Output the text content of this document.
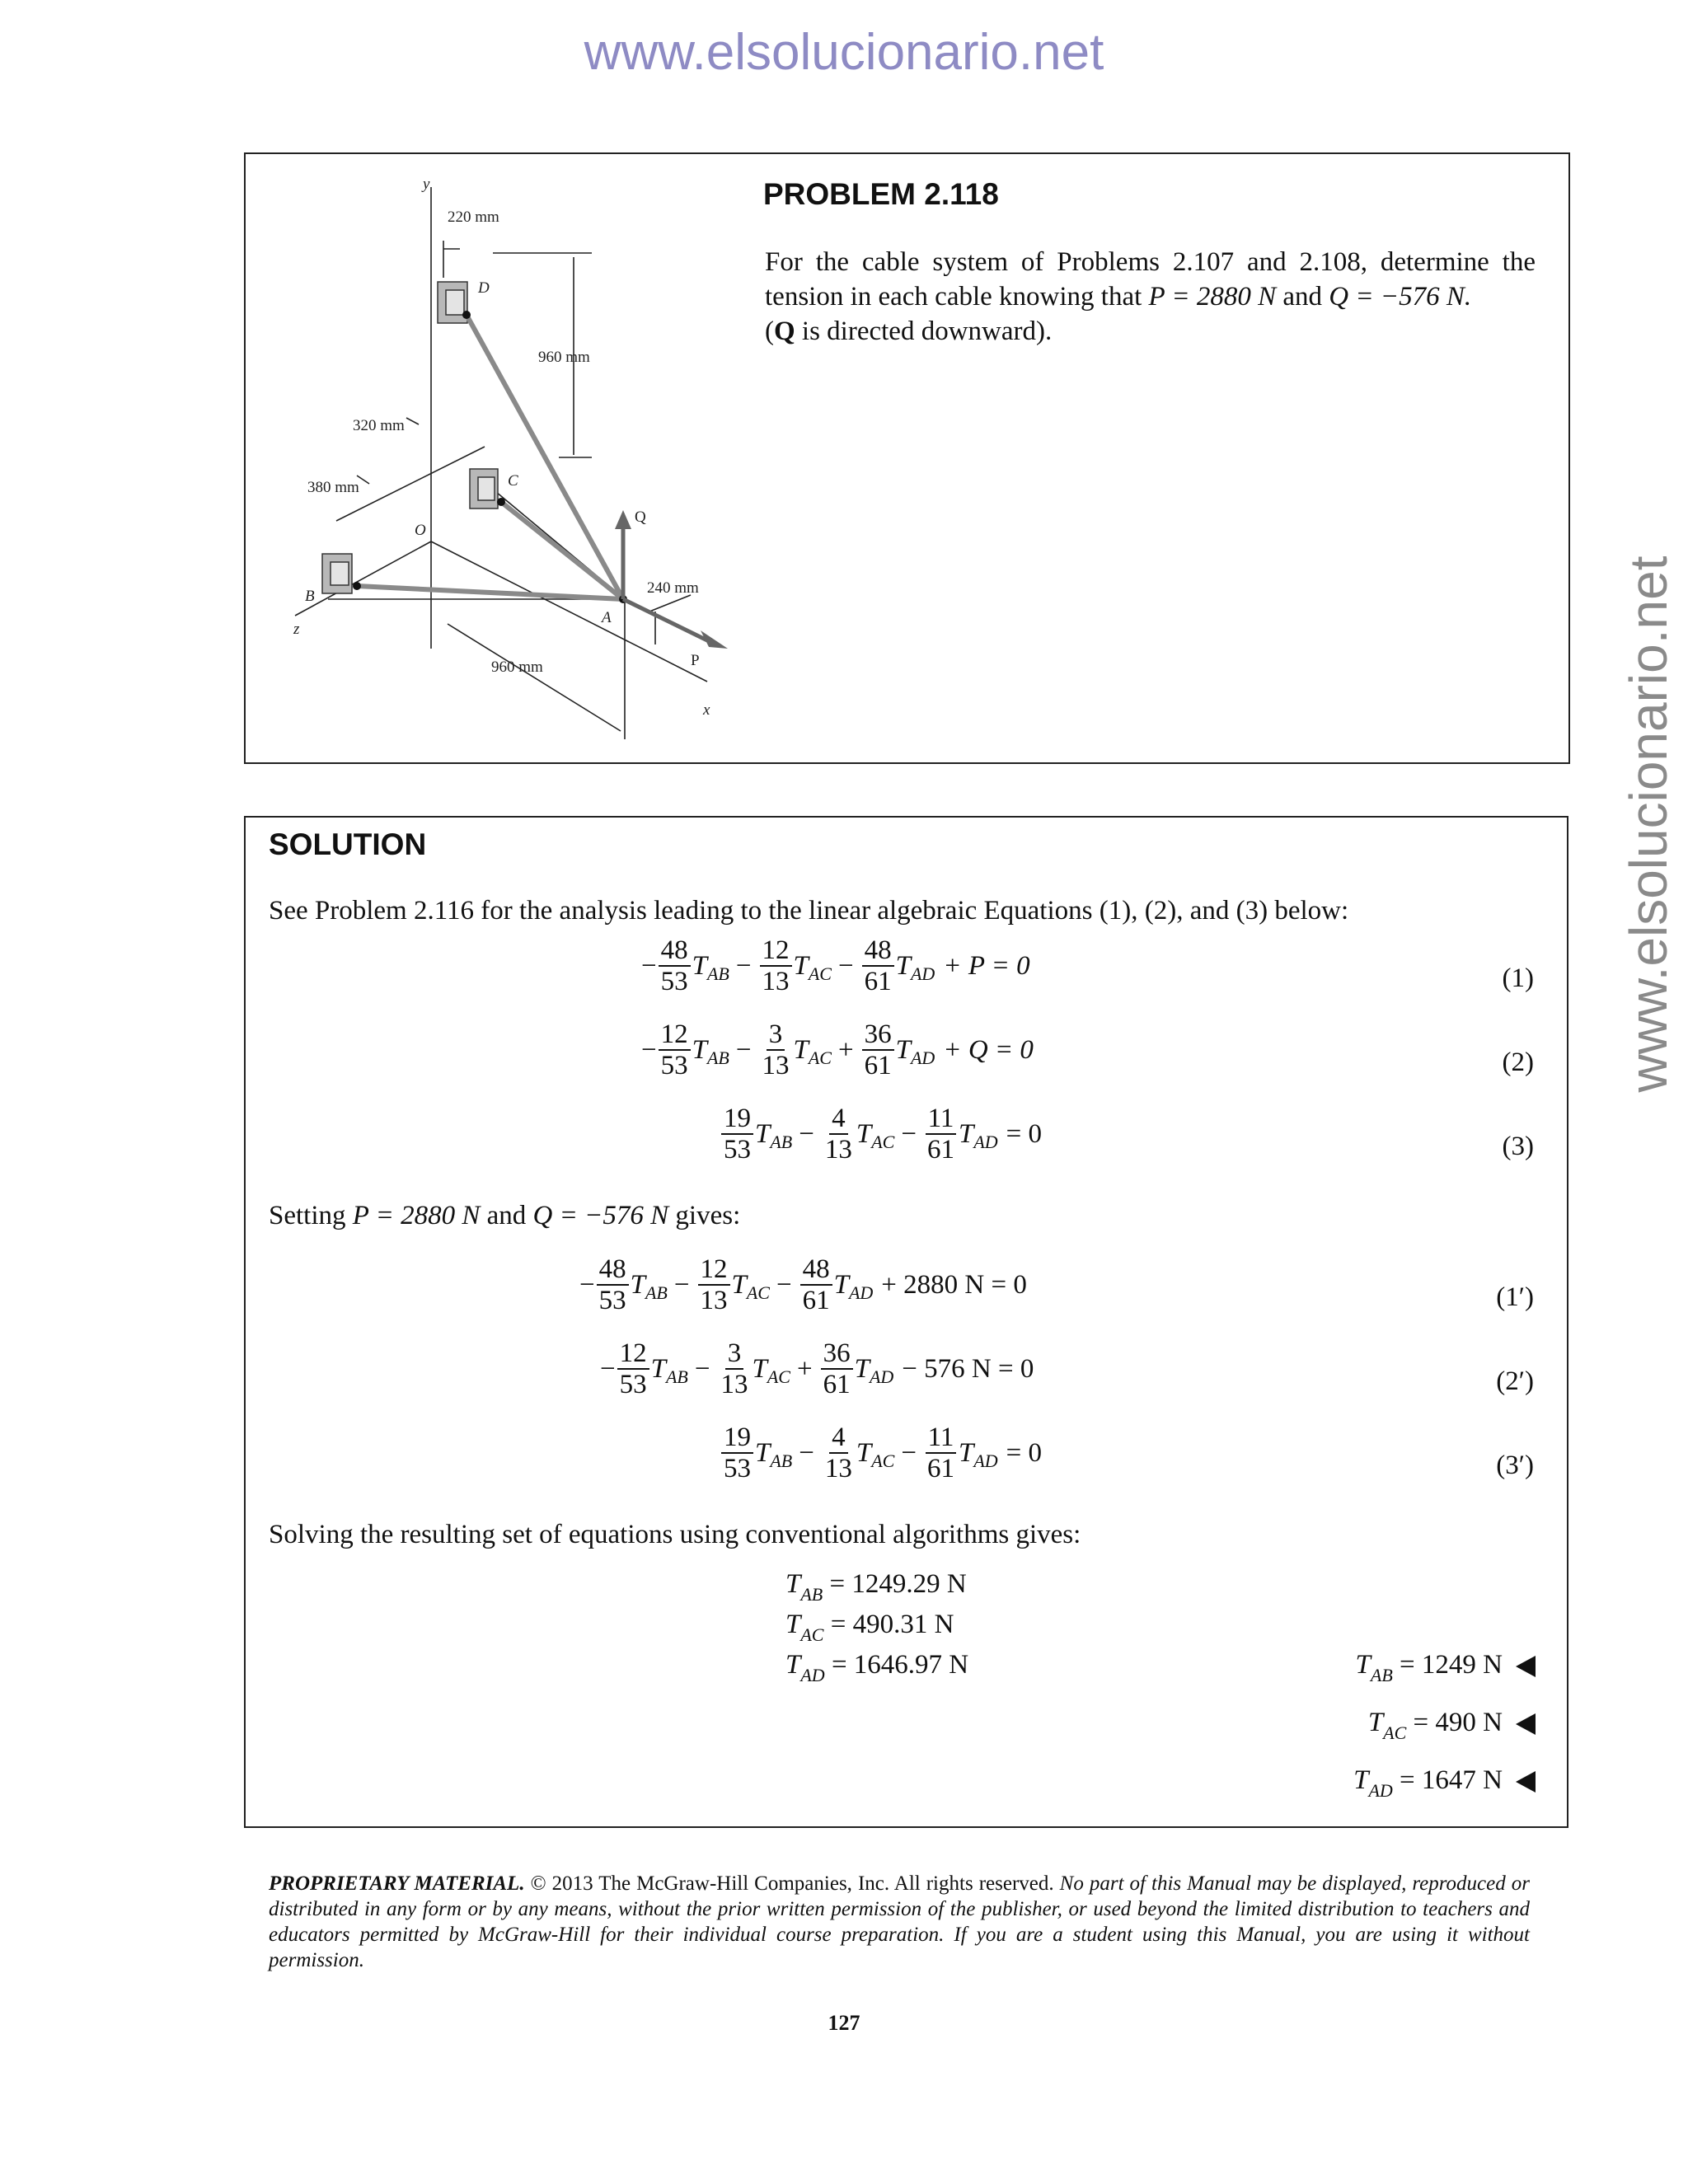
www.elsolucionario.net
www.elsolucionario.net
y
D
C
O
B
z
A
x
Q
P
220 mm
960 mm
320 mm
380 mm
240 mm
960 mm
PROBLEM 2.118
For the cable system of Problems 2.107 and 2.108, determine the tension in each cable knowing that P = 2880 N and Q = −576 N.
(Q is directed downward).
SOLUTION
See Problem 2.116 for the analysis leading to the linear algebraic Equations (1), (2), and (3) below:
− $\frac{48}{53}$ T AB − $\frac{12}{13}$ T AC − $\frac{48}{61}$ T AD + P = 0	(1)
− $\frac{12}{53}$ T AB − $\frac{3}{13}$ T AC + $\frac{36}{61}$ T AD + Q = 0	(2)
$\frac{19}{53}$ T AB − $\frac{4}{13}$ T AC − $\frac{11}{61}$ T AD = 0	(3)
Setting P = 2880 N and Q = −576 N gives:
− $\frac{48}{53}$ T AB − $\frac{12}{13}$ T AC − $\frac{48}{61}$ T AD + 2880 N = 0	(1′)
− $\frac{12}{53}$ T AB − $\frac{3}{13}$ T AC + $\frac{36}{61}$ T AD − 576 N = 0	(2′)
$\frac{19}{53}$ T AB − $\frac{4}{13}$ T AC − $\frac{11}{61}$ T AD = 0	(3′)
Solving the resulting set of equations using conventional algorithms gives:
$T_{AB} = 1249.29$ N
$T_{AC} = 490.31$ N
$T_{AD} = 1646.97$ N	$T_{AB} = 1249$ N
$T_{AC} = 490$ N
$T_{AD} = 1647$ N
PROPRIETARY MATERIAL. © 2013 The McGraw-Hill Companies, Inc. All rights reserved. No part of this Manual may be displayed, reproduced or distributed in any form or by any means, without the prior written permission of the publisher, or used beyond the limited distribution to teachers and educators permitted by McGraw-Hill for their individual course preparation. If you are a student using this Manual, you are using it without permission.
127
